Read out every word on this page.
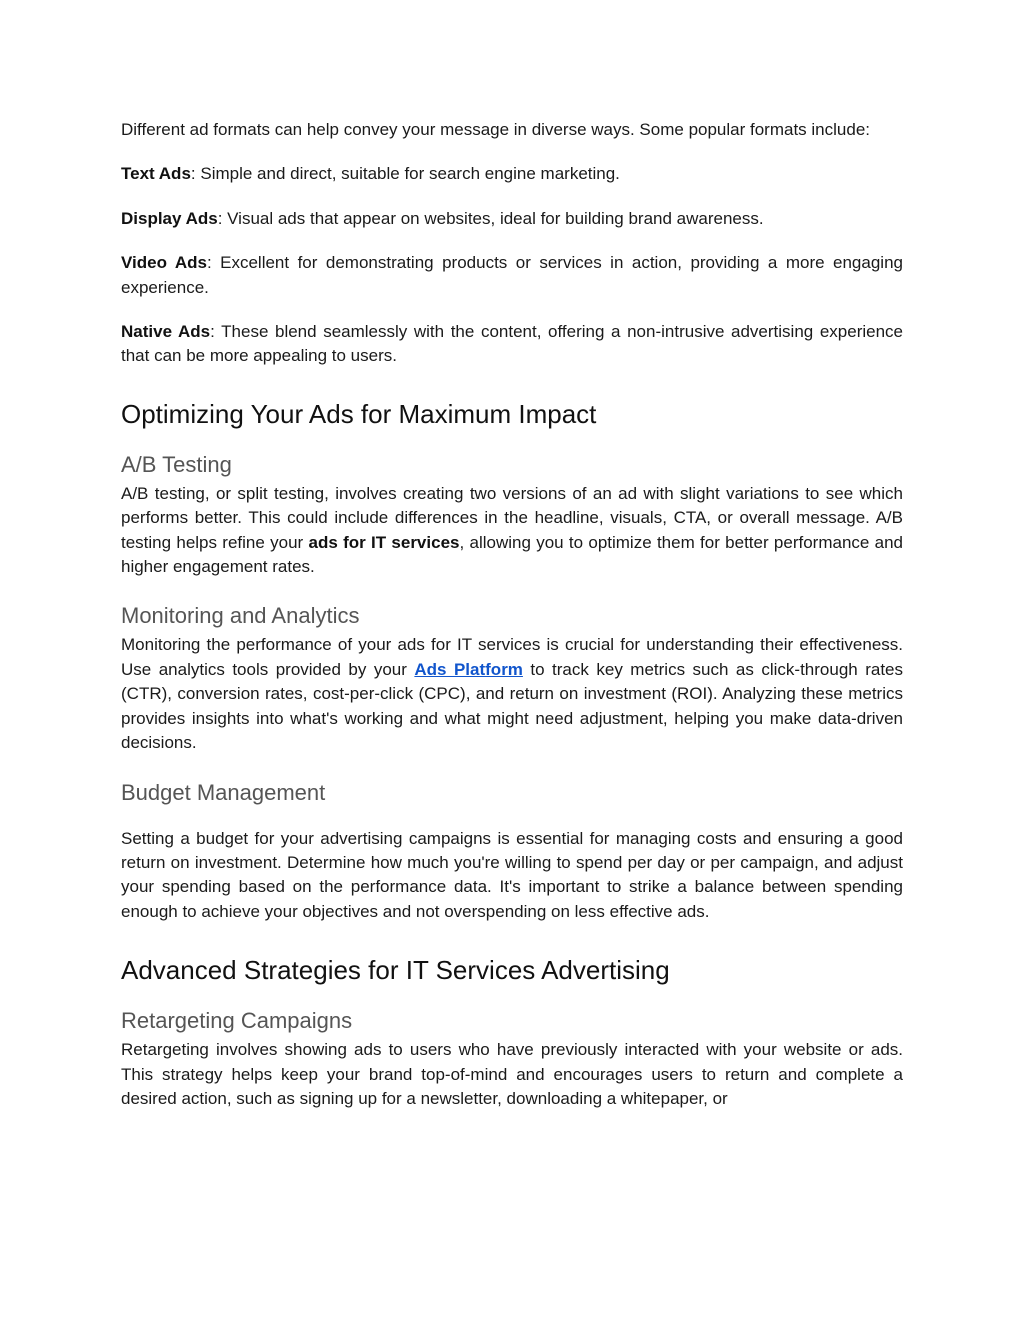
Different ad formats can help convey your message in diverse ways. Some popular formats include:

Text Ads: Simple and direct, suitable for search engine marketing.

Display Ads: Visual ads that appear on websites, ideal for building brand awareness.

Video Ads: Excellent for demonstrating products or services in action, providing a more engaging experience.

Native Ads: These blend seamlessly with the content, offering a non-intrusive advertising experience that can be more appealing to users.

Optimizing Your Ads for Maximum Impact
A/B Testing

A/B testing, or split testing, involves creating two versions of an ad with slight variations to see which performs better. This could include differences in the headline, visuals, CTA, or overall message. A/B testing helps refine your ads for IT services, allowing you to optimize them for better performance and higher engagement rates.

Monitoring and Analytics

Monitoring the performance of your ads for IT services is crucial for understanding their effectiveness. Use analytics tools provided by your Ads Platform to track key metrics such as click-through rates (CTR), conversion rates, cost-per-click (CPC), and return on investment (ROI). Analyzing these metrics provides insights into what's working and what might need adjustment, helping you make data-driven decisions.

Budget Management

Setting a budget for your advertising campaigns is essential for managing costs and ensuring a good return on investment. Determine how much you're willing to spend per day or per campaign, and adjust your spending based on the performance data. It's important to strike a balance between spending enough to achieve your objectives and not overspending on less effective ads.

Advanced Strategies for IT Services Advertising
Retargeting Campaigns

Retargeting involves showing ads to users who have previously interacted with your website or ads. This strategy helps keep your brand top-of-mind and encourages users to return and complete a desired action, such as signing up for a newsletter, downloading a whitepaper, or
